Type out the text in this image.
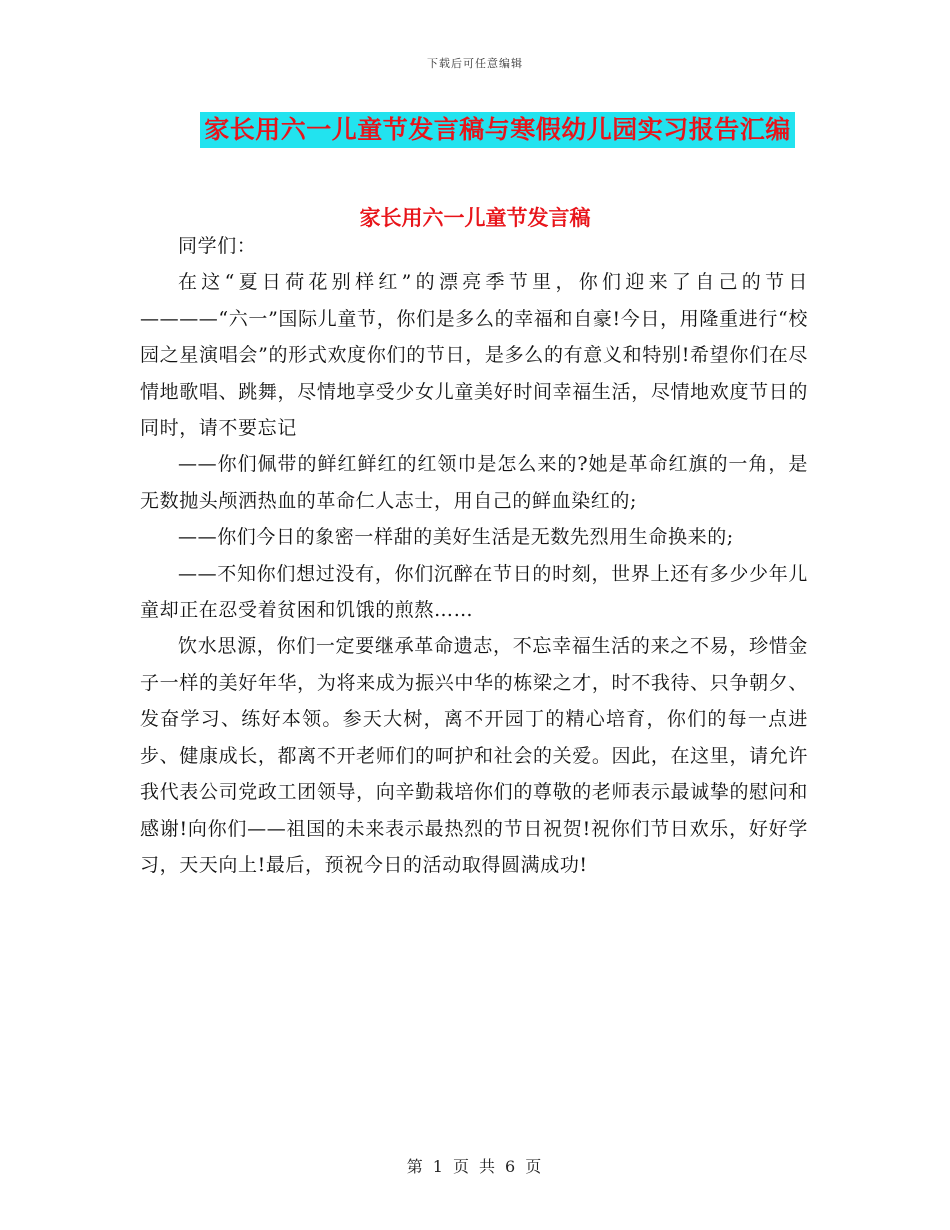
下载后可任意编辑
家长用六一儿童节发言稿与寒假幼儿园实习报告汇编
家长用六一儿童节发言稿

同学们：

在这“夏日荷花别样红”的漂亮季节里，你们迎来了自己的节日————“六一”国际儿童节，你们是多么的幸福和自豪!今日，用隆重进行“校园之星演唱会”的形式欢度你们的节日，是多么的有意义和特别!希望你们在尽情地歌唱、跳舞，尽情地享受少女儿童美好时间幸福生活，尽情地欢度节日的同时，请不要忘记

——你们佩带的鲜红鲜红的红领巾是怎么来的?她是革命红旗的一角，是无数抛头颅洒热血的革命仁人志士，用自己的鲜血染红的;

——你们今日的象密一样甜的美好生活是无数先烈用生命换来的;

——不知你们想过没有，你们沉醉在节日的时刻，世界上还有多少少年儿童却正在忍受着贫困和饥饿的煎熬……

饮水思源，你们一定要继承革命遗志，不忘幸福生活的来之不易，珍惜金子一样的美好年华，为将来成为振兴中华的栋梁之才，时不我待、只争朝夕、发奋学习、练好本领。参天大树，离不开园丁的精心培育，你们的每一点进步、健康成长，都离不开老师们的呵护和社会的关爱。因此，在这里，请允许我代表公司党政工团领导，向辛勤栽培你们的尊敬的老师表示最诚挚的慰问和感谢!向你们——祖国的未来表示最热烈的节日祝贺!祝你们节日欢乐，好好学习，天天向上!最后，预祝今日的活动取得圆满成功!

第 1 页 共 6 页
